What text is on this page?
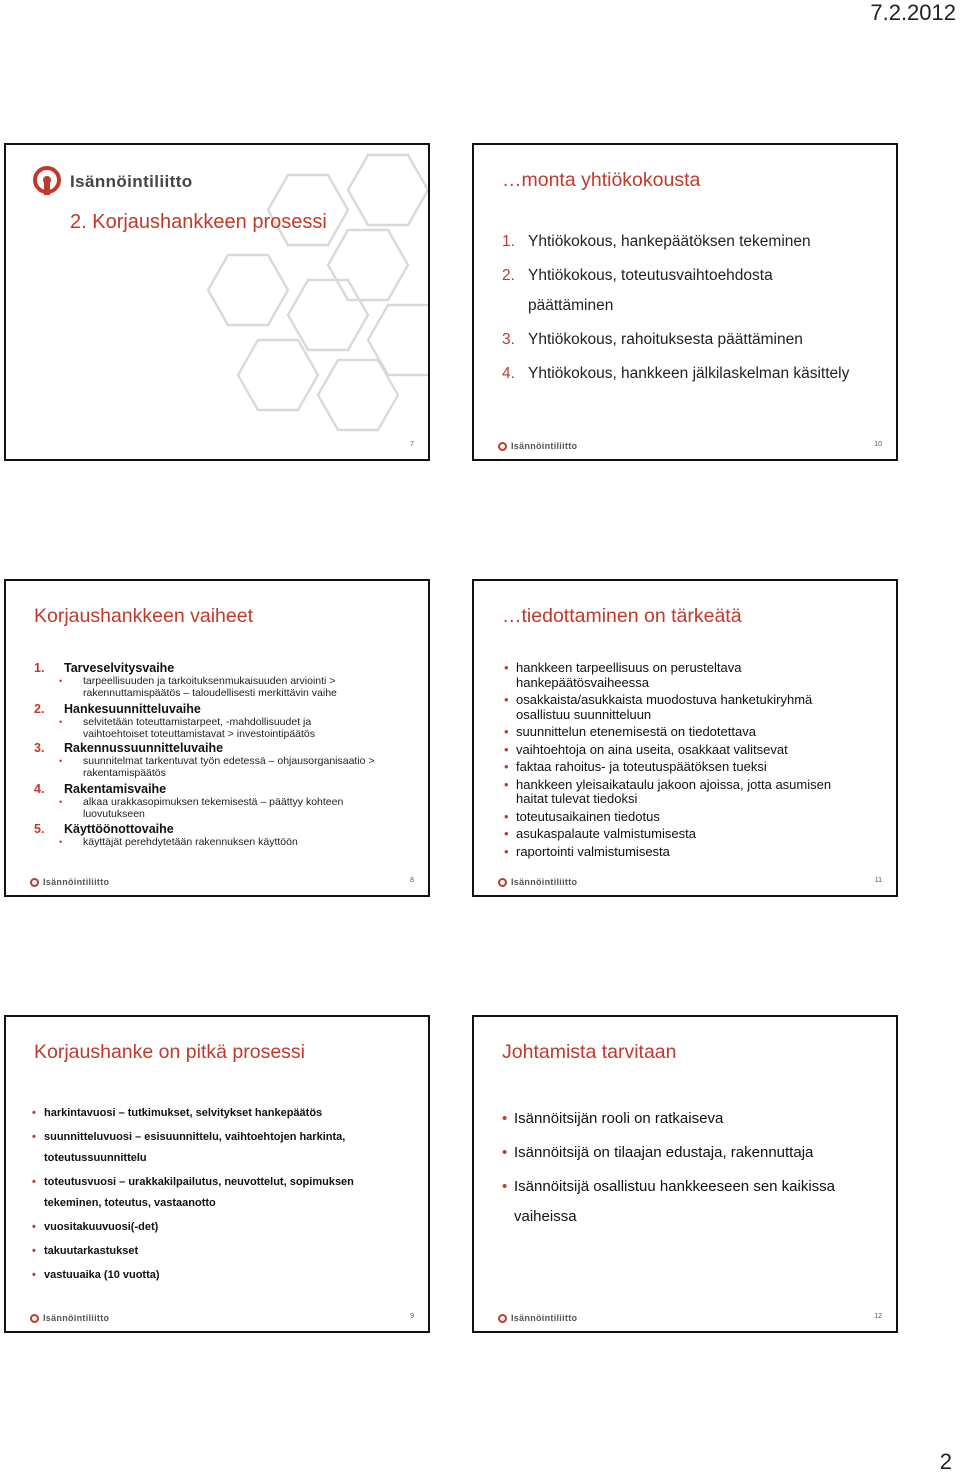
7.2.2012
Isännöintiliitto
2. Korjaushankkeen prosessi
7
…monta yhtiökokousta
1. Yhtiökokous, hankepäätöksen tekeminen
2. Yhtiökokous, toteutusvaihtoehdosta
päättäminen
3. Yhtiökokous, rahoituksesta päättäminen
4. Yhtiökokous, hankkeen jälkilaskelman käsittely
Isännöintiliitto	10
Korjaushankkeen vaiheet
1. Tarveselvitysvaihe
• tarpeellisuuden ja tarkoituksenmukaisuuden arviointi >
rakennuttamispäätös – taloudellisesti merkittävin vaihe
2. Hankesuunnitteluvaihe
• selvitetään toteuttamistarpeet, -mahdollisuudet ja
vaihtoehtoiset toteuttamistavat > investointipäätös
3. Rakennussuunnitteluvaihe
• suunnitelmat tarkentuvat työn edetessä – ohjausorganisaatio >
rakentamispäätös
4. Rakentamisvaihe
• alkaa urakkasopimuksen tekemisestä – päättyy kohteen
luovutukseen
5. Käyttöönottovaihe
• käyttäjät perehdytetään rakennuksen käyttöön
Isännöintiliitto	8
…tiedottaminen on tärkeätä
• hankkeen tarpeellisuus on perusteltava
hankepäätösvaiheessa
• osakkaista/asukkaista muodostuva hanketukiryhmä
osallistuu suunnitteluun
• suunnittelun etenemisestä on tiedotettava
• vaihtoehtoja on aina useita, osakkaat valitsevat
• faktaa rahoitus- ja toteutuspäätöksen tueksi
• hankkeen yleisaikataulu jakoon ajoissa, jotta asumisen
haitat tulevat tiedoksi
• toteutusaikainen tiedotus
• asukaspalaute valmistumisesta
• raportointi valmistumisesta
Isännöintiliitto	11
Korjaushanke on pitkä prosessi
• harkintavuosi – tutkimukset, selvitykset hankepäätös
• suunnitteluvuosi – esisuunnittelu, vaihtoehtojen harkinta,
toteutussuunnittelu
• toteutusvuosi – urakkakilpailutus, neuvottelut, sopimuksen
tekeminen, toteutus, vastaanotto
• vuositakuuvuosi(-det)
• takuutarkastukset
• vastuuaika (10 vuotta)
Isännöintiliitto	9
Johtamista tarvitaan
• Isännöitsijän rooli on ratkaiseva
• Isännöitsijä on tilaajan edustaja, rakennuttaja
• Isännöitsijä osallistuu hankkeeseen sen kaikissa
vaiheissa
Isännöintiliitto	12
2
